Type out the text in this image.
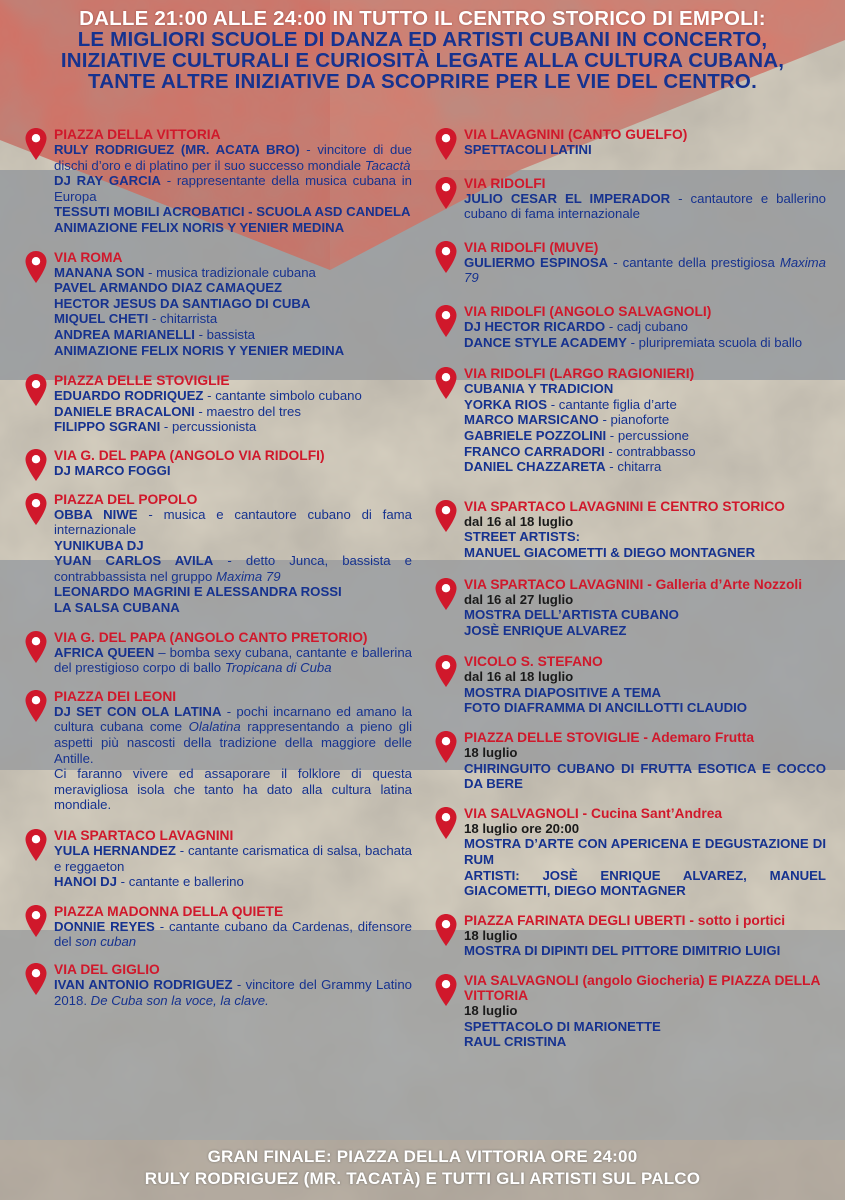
DALLE 21:00 ALLE 24:00 IN TUTTO IL CENTRO STORICO DI EMPOLI:
LE MIGLIORI SCUOLE DI DANZA ED ARTISTI CUBANI IN CONCERTO,
INIZIATIVE CULTURALI E CURIOSITÀ LEGATE ALLA CULTURA CUBANA,
TANTE ALTRE INIZIATIVE DA SCOPRIRE PER LE VIE DEL CENTRO.
PIAZZA DELLA VITTORIA
RULY RODRIGUEZ (MR. ACATA BRO) - vincitore di due dischi d’oro e di platino per il suo successo mondiale Tacactà
DJ RAY GARCIA - rappresentante della musica cubana in Europa
TESSUTI MOBILI ACROBATICI - SCUOLA ASD CANDELA
ANIMAZIONE FELIX NORIS Y YENIER MEDINA
VIA ROMA
MANANA SON - musica tradizionale cubana
PAVEL ARMANDO DIAZ CAMAQUEZ
HECTOR JESUS DA SANTIAGO DI CUBA
MIQUEL CHETI - chitarrista
ANDREA MARIANELLI - bassista
ANIMAZIONE FELIX NORIS Y YENIER MEDINA
PIAZZA DELLE STOVIGLIE
EDUARDO RODRIQUEZ - cantante simbolo cubano
DANIELE BRACALONI - maestro del tres
FILIPPO SGRANI - percussionista
VIA G. DEL PAPA (ANGOLO VIA RIDOLFI)
DJ MARCO FOGGI
PIAZZA DEL POPOLO
OBBA NIWE - musica e cantautore cubano di fama internazionale
YUNIKUBA DJ
YUAN CARLOS AVILA - detto Junca, bassista e contrabbassista nel gruppo Maxima 79
LEONARDO MAGRINI E ALESSANDRA ROSSI
LA SALSA CUBANA
VIA G. DEL PAPA (ANGOLO CANTO PRETORIO)
AFRICA QUEEN – bomba sexy cubana, cantante e ballerina del prestigioso corpo di ballo Tropicana di Cuba
PIAZZA DEI LEONI
DJ SET CON OLA LATINA - pochi incarnano ed amano la cultura cubana come Olalatina rappresentando a pieno gli aspetti più nascosti della tradizione della maggiore delle Antille.
Ci faranno vivere ed assaporare il folklore di questa meravigliosa isola che tanto ha dato alla cultura latina mondiale.
VIA SPARTACO LAVAGNINI
YULA HERNANDEZ - cantante carismatica di salsa, bachata e reggaeton
HANOI DJ - cantante e ballerino
PIAZZA MADONNA DELLA QUIETE
DONNIE REYES - cantante cubano da Cardenas, difensore del son cuban
VIA DEL GIGLIO
IVAN ANTONIO RODRIGUEZ - vincitore del Grammy Latino 2018. De Cuba son la voce, la clave.
VIA LAVAGNINI (CANTO GUELFO)
SPETTACOLI LATINI
VIA RIDOLFI
JULIO CESAR EL IMPERADOR - cantautore e ballerino cubano di fama internazionale
VIA RIDOLFI (MUVE)
GULIERMO ESPINOSA - cantante della prestigiosa Maxima 79
VIA RIDOLFI (ANGOLO SALVAGNOLI)
DJ HECTOR RICARDO - cadj cubano
DANCE STYLE ACADEMY - pluripremiata scuola di ballo
VIA RIDOLFI (LARGO RAGIONIERI)
CUBANIA Y TRADICION
YORKA RIOS - cantante figlia d’arte
MARCO MARSICANO - pianoforte
GABRIELE POZZOLINI - percussione
FRANCO CARRADORI - contrabbasso
DANIEL CHAZZARETA - chitarra
VIA SPARTACO LAVAGNINI E CENTRO STORICO
dal 16 al 18 luglio
STREET ARTISTS:
MANUEL GIACOMETTI & DIEGO MONTAGNER
VIA SPARTACO LAVAGNINI - Galleria d’Arte Nozzoli
dal 16 al 27 luglio
MOSTRA DELL’ARTISTA CUBANO
JOSÈ ENRIQUE ALVAREZ
VICOLO S. STEFANO
dal 16 al 18 luglio
MOSTRA DIAPOSITIVE A TEMA
FOTO DIAFRAMMA DI ANCILLOTTI CLAUDIO
PIAZZA DELLE STOVIGLIE - Ademaro Frutta
18 luglio
CHIRINGUITO CUBANO DI FRUTTA ESOTICA E COCCO DA BERE
VIA SALVAGNOLI - Cucina Sant’Andrea
18 luglio ore 20:00
MOSTRA D’ARTE CON APERICENA E DEGUSTAZIONE DI RUM
ARTISTI: JOSÈ ENRIQUE ALVAREZ, MANUEL GIACOMETTI, DIEGO MONTAGNER
PIAZZA FARINATA DEGLI UBERTI - sotto i portici
18 luglio
MOSTRA DI DIPINTI DEL PITTORE DIMITRIO LUIGI
VIA SALVAGNOLI (angolo Giocheria) E PIAZZA DELLA VITTORIA
18 luglio
SPETTACOLO DI MARIONETTE
RAUL CRISTINA
GRAN FINALE: PIAZZA DELLA VITTORIA ORE 24:00
RULY RODRIGUEZ (MR. TACATÀ) E TUTTI GLI ARTISTI SUL PALCO
